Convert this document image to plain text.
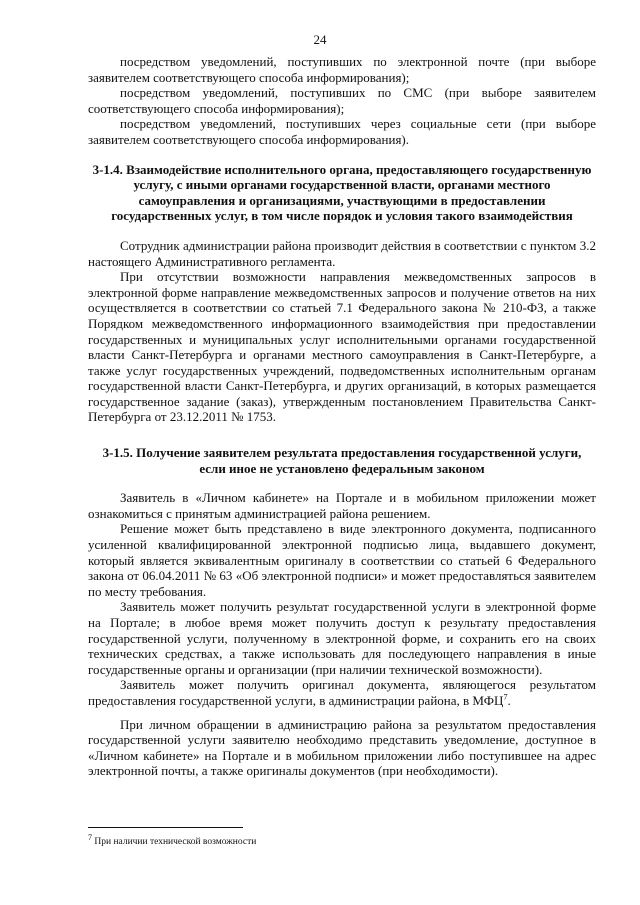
24

посредством уведомлений, поступивших по электронной почте (при выборе заявителем соответствующего способа информирования);

посредством уведомлений, поступивших по СМС (при выборе заявителем соответствующего способа информирования);

посредством уведомлений, поступивших через социальные сети (при выборе заявителем соответствующего способа информирования).

3-1.4. Взаимодействие исполнительного органа, предоставляющего государственную услугу, с иными органами государственной власти, органами местного самоуправления и организациями, участвующими в предоставлении государственных услуг, в том числе порядок и условия такого взаимодействия

Сотрудник администрации района производит действия в соответствии с пунктом 3.2 настоящего Административного регламента.

При отсутствии возможности направления межведомственных запросов в электронной форме направление межведомственных запросов и получение ответов на них осуществляется в соответствии со статьей 7.1 Федерального закона № 210-ФЗ, а также Порядком межведомственного информационного взаимодействия при предоставлении государственных и муниципальных услуг исполнительными органами государственной власти Санкт-Петербурга и органами местного самоуправления в Санкт-Петербурге, а также услуг государственных учреждений, подведомственных исполнительным органам государственной власти Санкт-Петербурга, и других организаций, в которых размещается государственное задание (заказ), утвержденным постановлением Правительства Санкт-Петербурга от 23.12.2011 № 1753.

3-1.5. Получение заявителем результата предоставления государственной услуги, если иное не установлено федеральным законом

Заявитель в «Личном кабинете» на Портале и в мобильном приложении может ознакомиться с принятым администрацией района решением.

Решение может быть представлено в виде электронного документа, подписанного усиленной квалифицированной электронной подписью лица, выдавшего документ, который является эквивалентным оригиналу в соответствии со статьей 6 Федерального закона от 06.04.2011 № 63 «Об электронной подписи» и может предоставляться заявителем по месту требования.

Заявитель может получить результат государственной услуги в электронной форме на Портале; в любое время может получить доступ к результату предоставления государственной услуги, полученному в электронной форме, и сохранить его на своих технических средствах, а также использовать для последующего направления в иные государственные органы и организации (при наличии технической возможности).

Заявитель может получить оригинал документа, являющегося результатом предоставления государственной услуги, в администрации района, в МФЦ$^7$.

При личном обращении в администрацию района за результатом предоставления государственной услуги заявителю необходимо представить уведомление, доступное в «Личном кабинете» на Портале и в мобильном приложении либо поступившее на адрес электронной почты, а также оригиналы документов (при необходимости).

$^7$ При наличии технической возможности
